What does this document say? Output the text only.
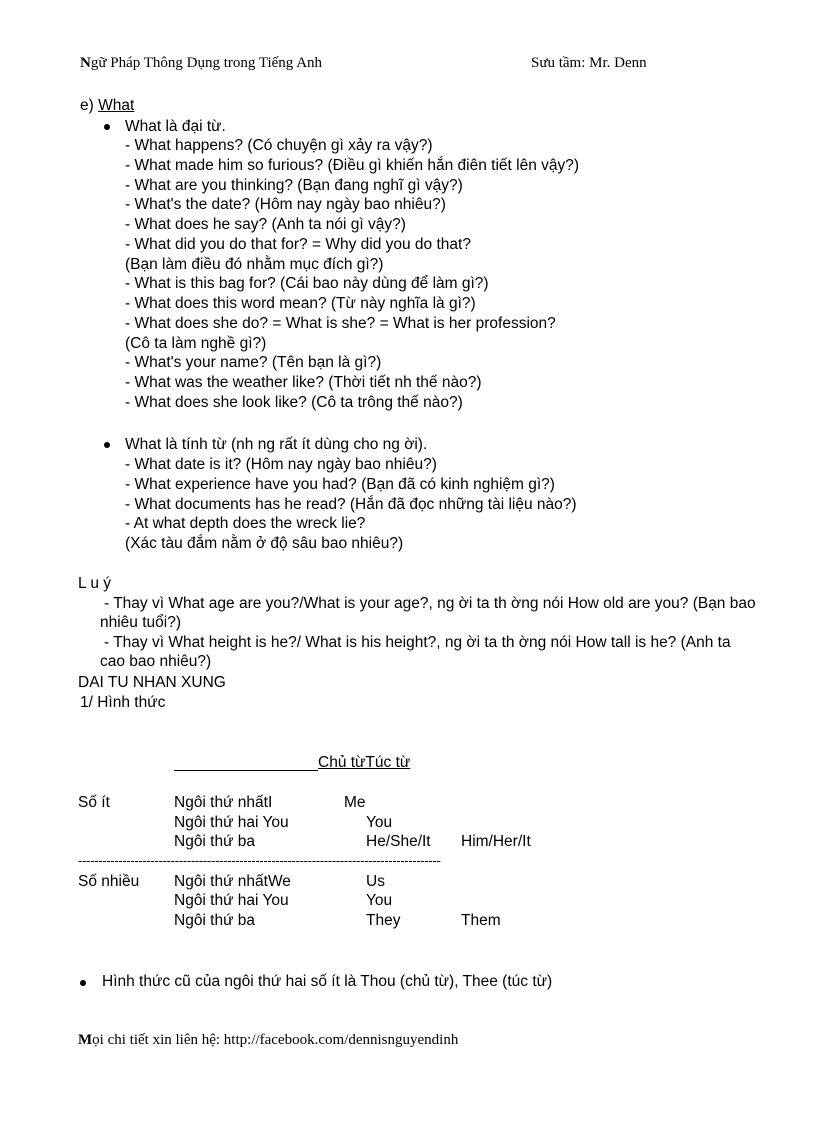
Ngữ Pháp Thông Dụng trong Tiếng Anh	Sưu tầm: Mr. Denn
e) What
What là đại từ.
- What happens? (Có chuyện gì xảy ra vậy?)
- What made him so furious? (Điều gì khiến hắn điên tiết lên vậy?)
- What are you thinking? (Bạn đang nghĩ gì vậy?)
- What's the date? (Hôm nay ngày bao nhiêu?)
- What does he say? (Anh ta nói gì vậy?)
- What did you do that for? = Why did you do that?
(Bạn làm điều đó nhằm mục đích gì?)
- What is this bag for? (Cái bao này dùng để làm gì?)
- What does this word mean? (Từ này nghĩa là gì?)
- What does she do? = What is she? = What is her profession?
(Cô ta làm nghề gì?)
- What's your name? (Tên bạn là gì?)
- What was the weather like? (Thời tiết nh thế nào?)
- What does she look like? (Cô ta trông thế nào?)
What là tính từ (nh ng rất ít dùng cho ng ời).
- What date is it? (Hôm nay ngày bao nhiêu?)
- What experience have you had? (Bạn đã có kinh nghiệm gì?)
- What documents has he read? (Hắn đã đọc những tài liệu nào?)
- At what depth does the wreck lie?
(Xác tàu đắm nằm ở độ sâu bao nhiêu?)
L u ý
- Thay vì What age are you?/What is your age?, ng ời ta th ờng nói How old are you? (Bạn bao
nhiêu tuổi?)
- Thay vì What height is he?/ What is his height?, ng ời ta th ờng nói How tall is he? (Anh ta
cao bao nhiêu?)
DAI TU NHAN XUNG
1/ Hình thức
Chủ từTúc từ
Số ít	Ngôi thứ nhấtI	Me
Ngôi thứ hai You	You
Ngôi thứ ba	He/She/It Him/Her/It
------------------------------------------------------------------------------------------
Số nhiều Ngôi thứ nhấtWe	Us
Ngôi thứ hai You	You
Ngôi thứ ba	They	Them
Hình thức cũ của ngôi thứ hai số ít là Thou (chủ từ), Thee (túc từ)
Mọi chi tiết xin liên hệ: http://facebook.com/dennisnguyendinh
